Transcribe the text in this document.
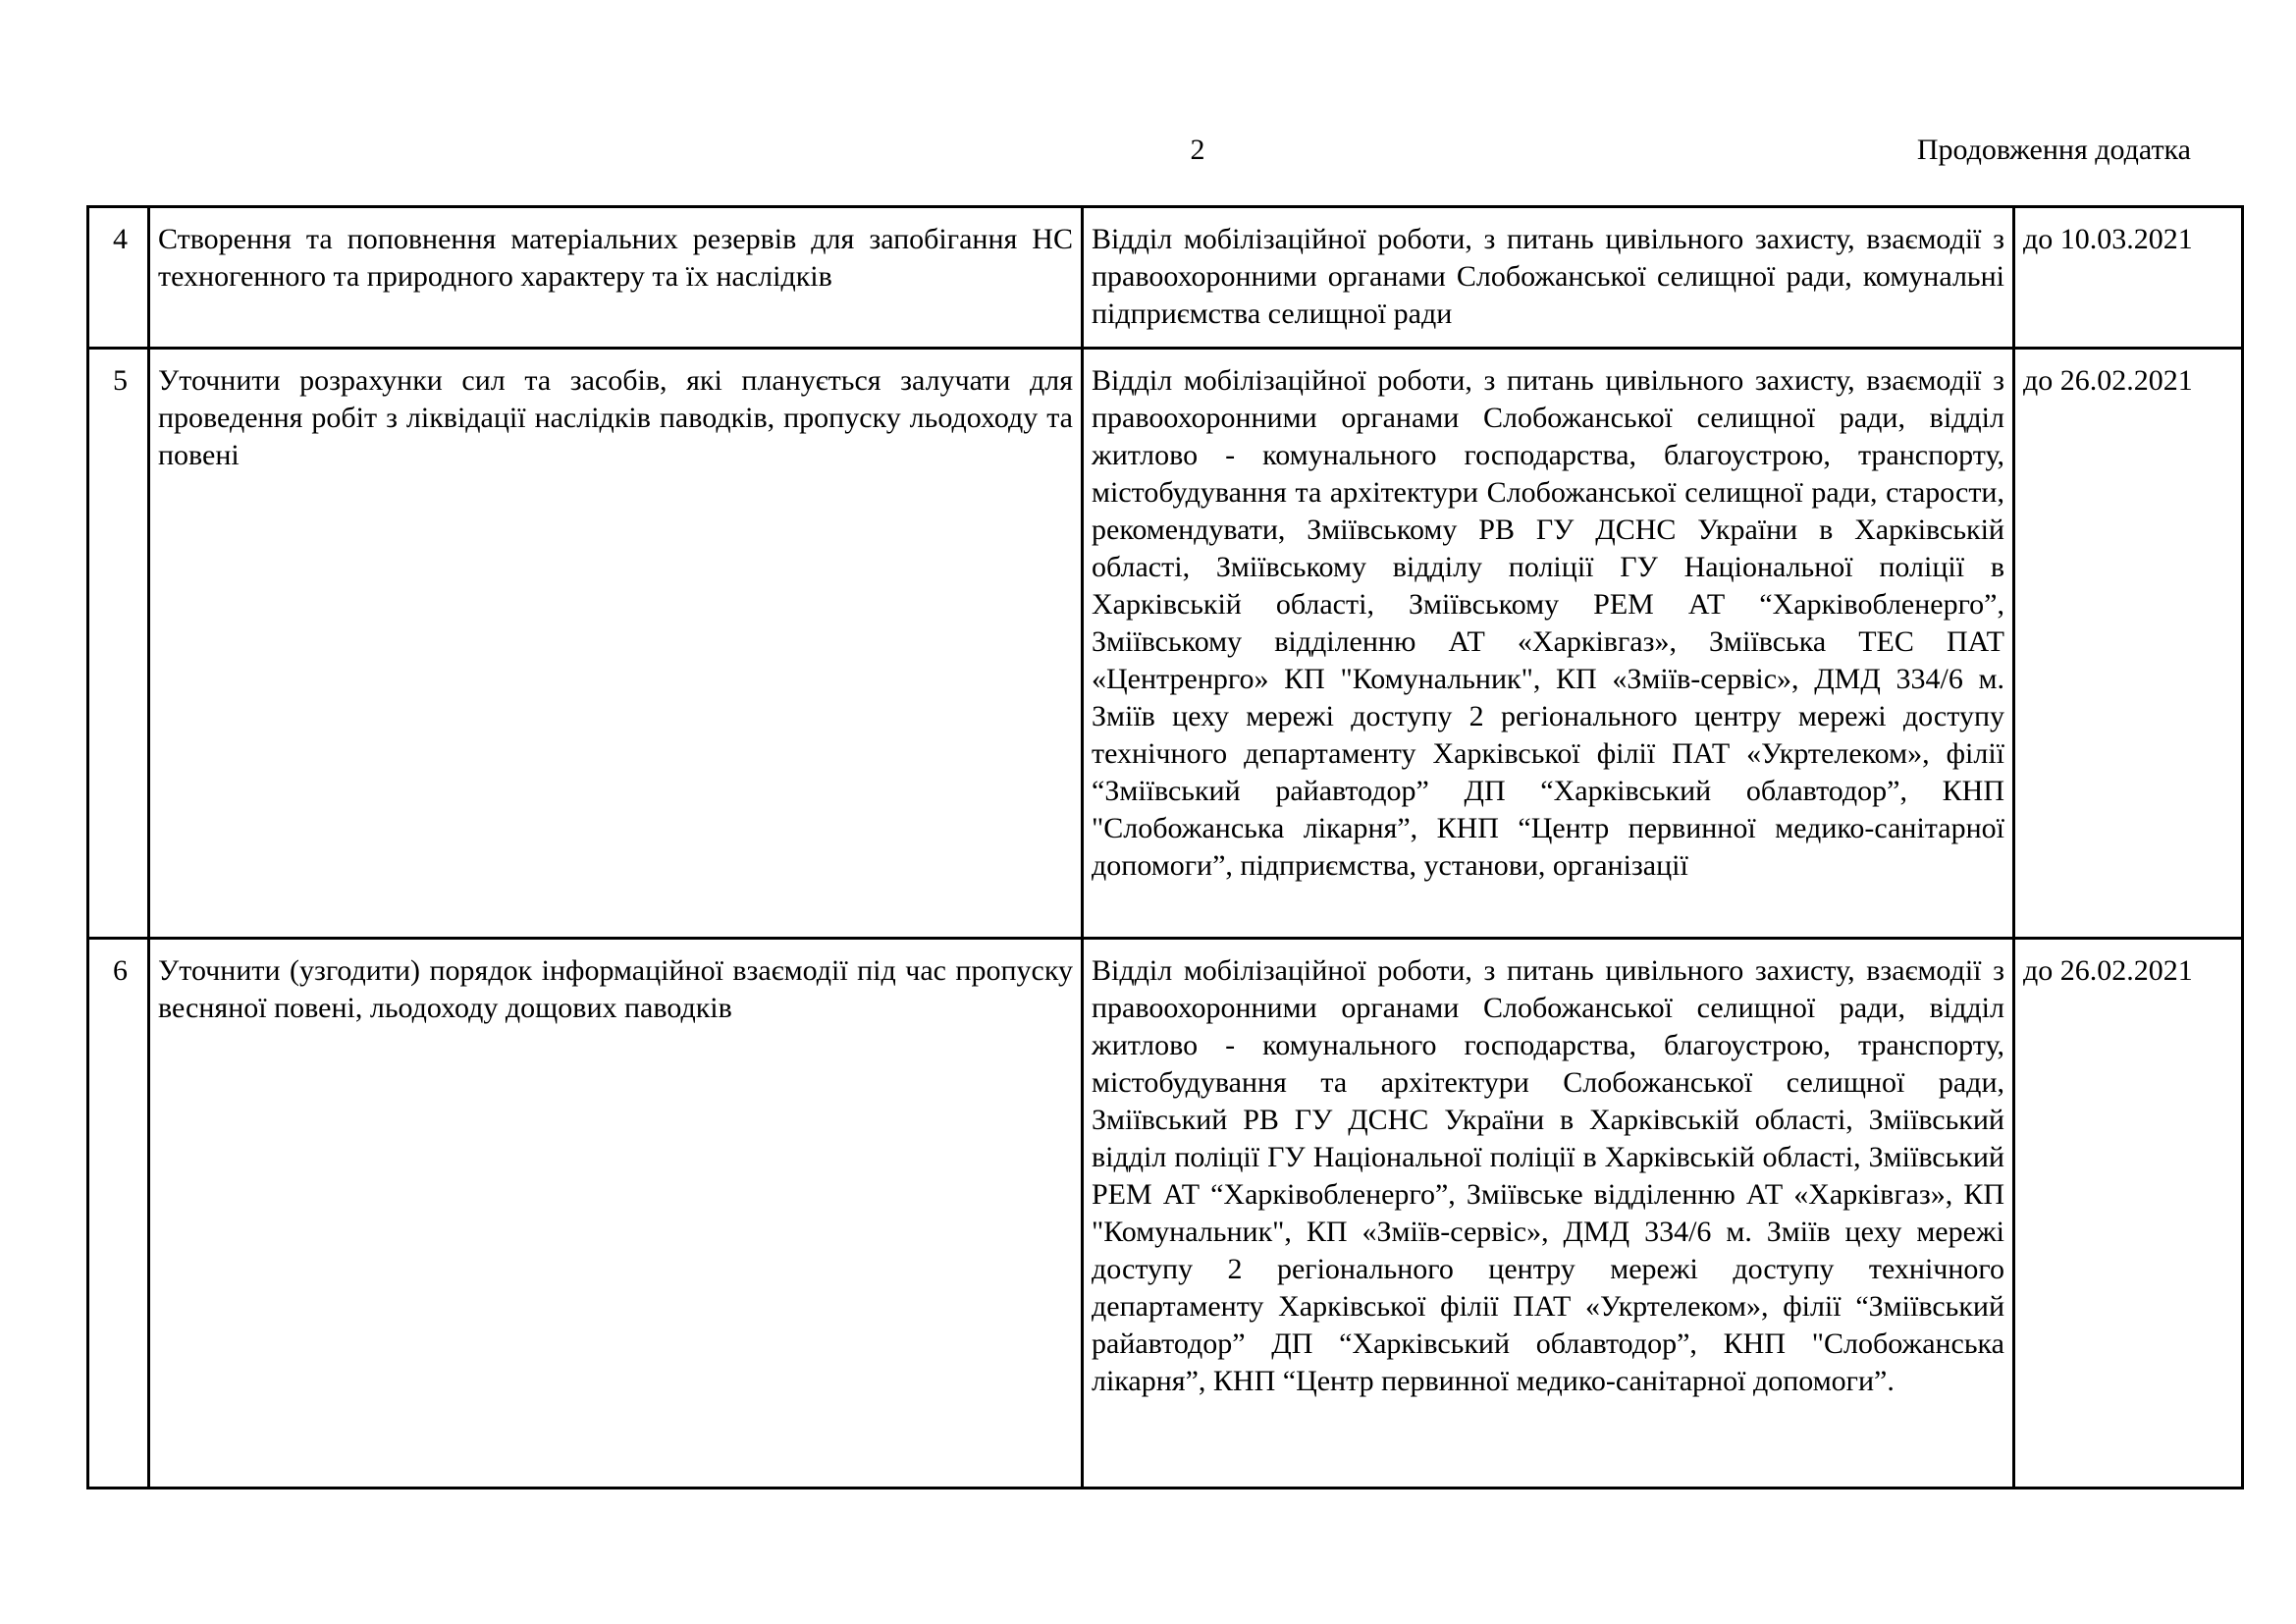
2	Продовження додатка
4	Створення та поповнення матеріальних резервів для запобігання НС техногенного та природного характеру та їх наслідків	Відділ мобілізаційної роботи, з питань цивільного захисту, взаємодії з правоохоронними органами Слобожанської селищної ради, комунальні підприємства селищної ради	до 10.03.2021
5	Уточнити розрахунки сил та засобів, які планується залучати для проведення робіт з ліквідації наслідків паводків, пропуску льодоходу та повені	Відділ мобілізаційної роботи, з питань цивільного захисту, взаємодії з правоохоронними органами Слобожанської селищної ради, відділ житлово - комунального господарства, благоустрою, транспорту, містобудування та архітектури Слобожанської селищної ради, старости, рекомендувати, Зміївському РВ ГУ ДСНС України в Харківській області, Зміївському відділу поліції ГУ Національної поліції в Харківській області, Зміївському РЕМ АТ “Харківобленерго”, Зміївському відділенню АТ «Харківгаз», Зміївська ТЕС ПАТ «Центренрго» КП "Комунальник", КП «Зміїв-сервіс», ДМД 334/6 м. Зміїв цеху мережі доступу 2 регіонального центру мережі доступу технічного департаменту Харківської філії ПАТ «Укртелеком», філії “Зміївський райавтодор” ДП “Харківський облавтодор”, КНП "Слобожанська лікарня”, КНП “Центр первинної медико-санітарної допомоги”, підприємства, установи, організації	до 26.02.2021
6	Уточнити (узгодити) порядок інформаційної взаємодії під час пропуску весняної повені, льодоходу дощових паводків	Відділ мобілізаційної роботи, з питань цивільного захисту, взаємодії з правоохоронними органами Слобожанської селищної ради, відділ житлово - комунального господарства, благоустрою, транспорту, містобудування та архітектури Слобожанської селищної ради, Зміївський РВ ГУ ДСНС України в Харківській області, Зміївський відділ поліції ГУ Національної поліції в Харківській області, Зміївський РЕМ АТ “Харківобленерго”, Зміївське відділенню АТ «Харківгаз», КП "Комунальник", КП «Зміїв-сервіс», ДМД 334/6 м. Зміїв цеху мережі доступу 2 регіонального центру мережі доступу технічного департаменту Харківської філії ПАТ «Укртелеком», філії “Зміївський райавтодор” ДП “Харківський облавтодор”, КНП "Слобожанська лікарня”, КНП “Центр первинної медико-санітарної допомоги”.	до 26.02.2021
